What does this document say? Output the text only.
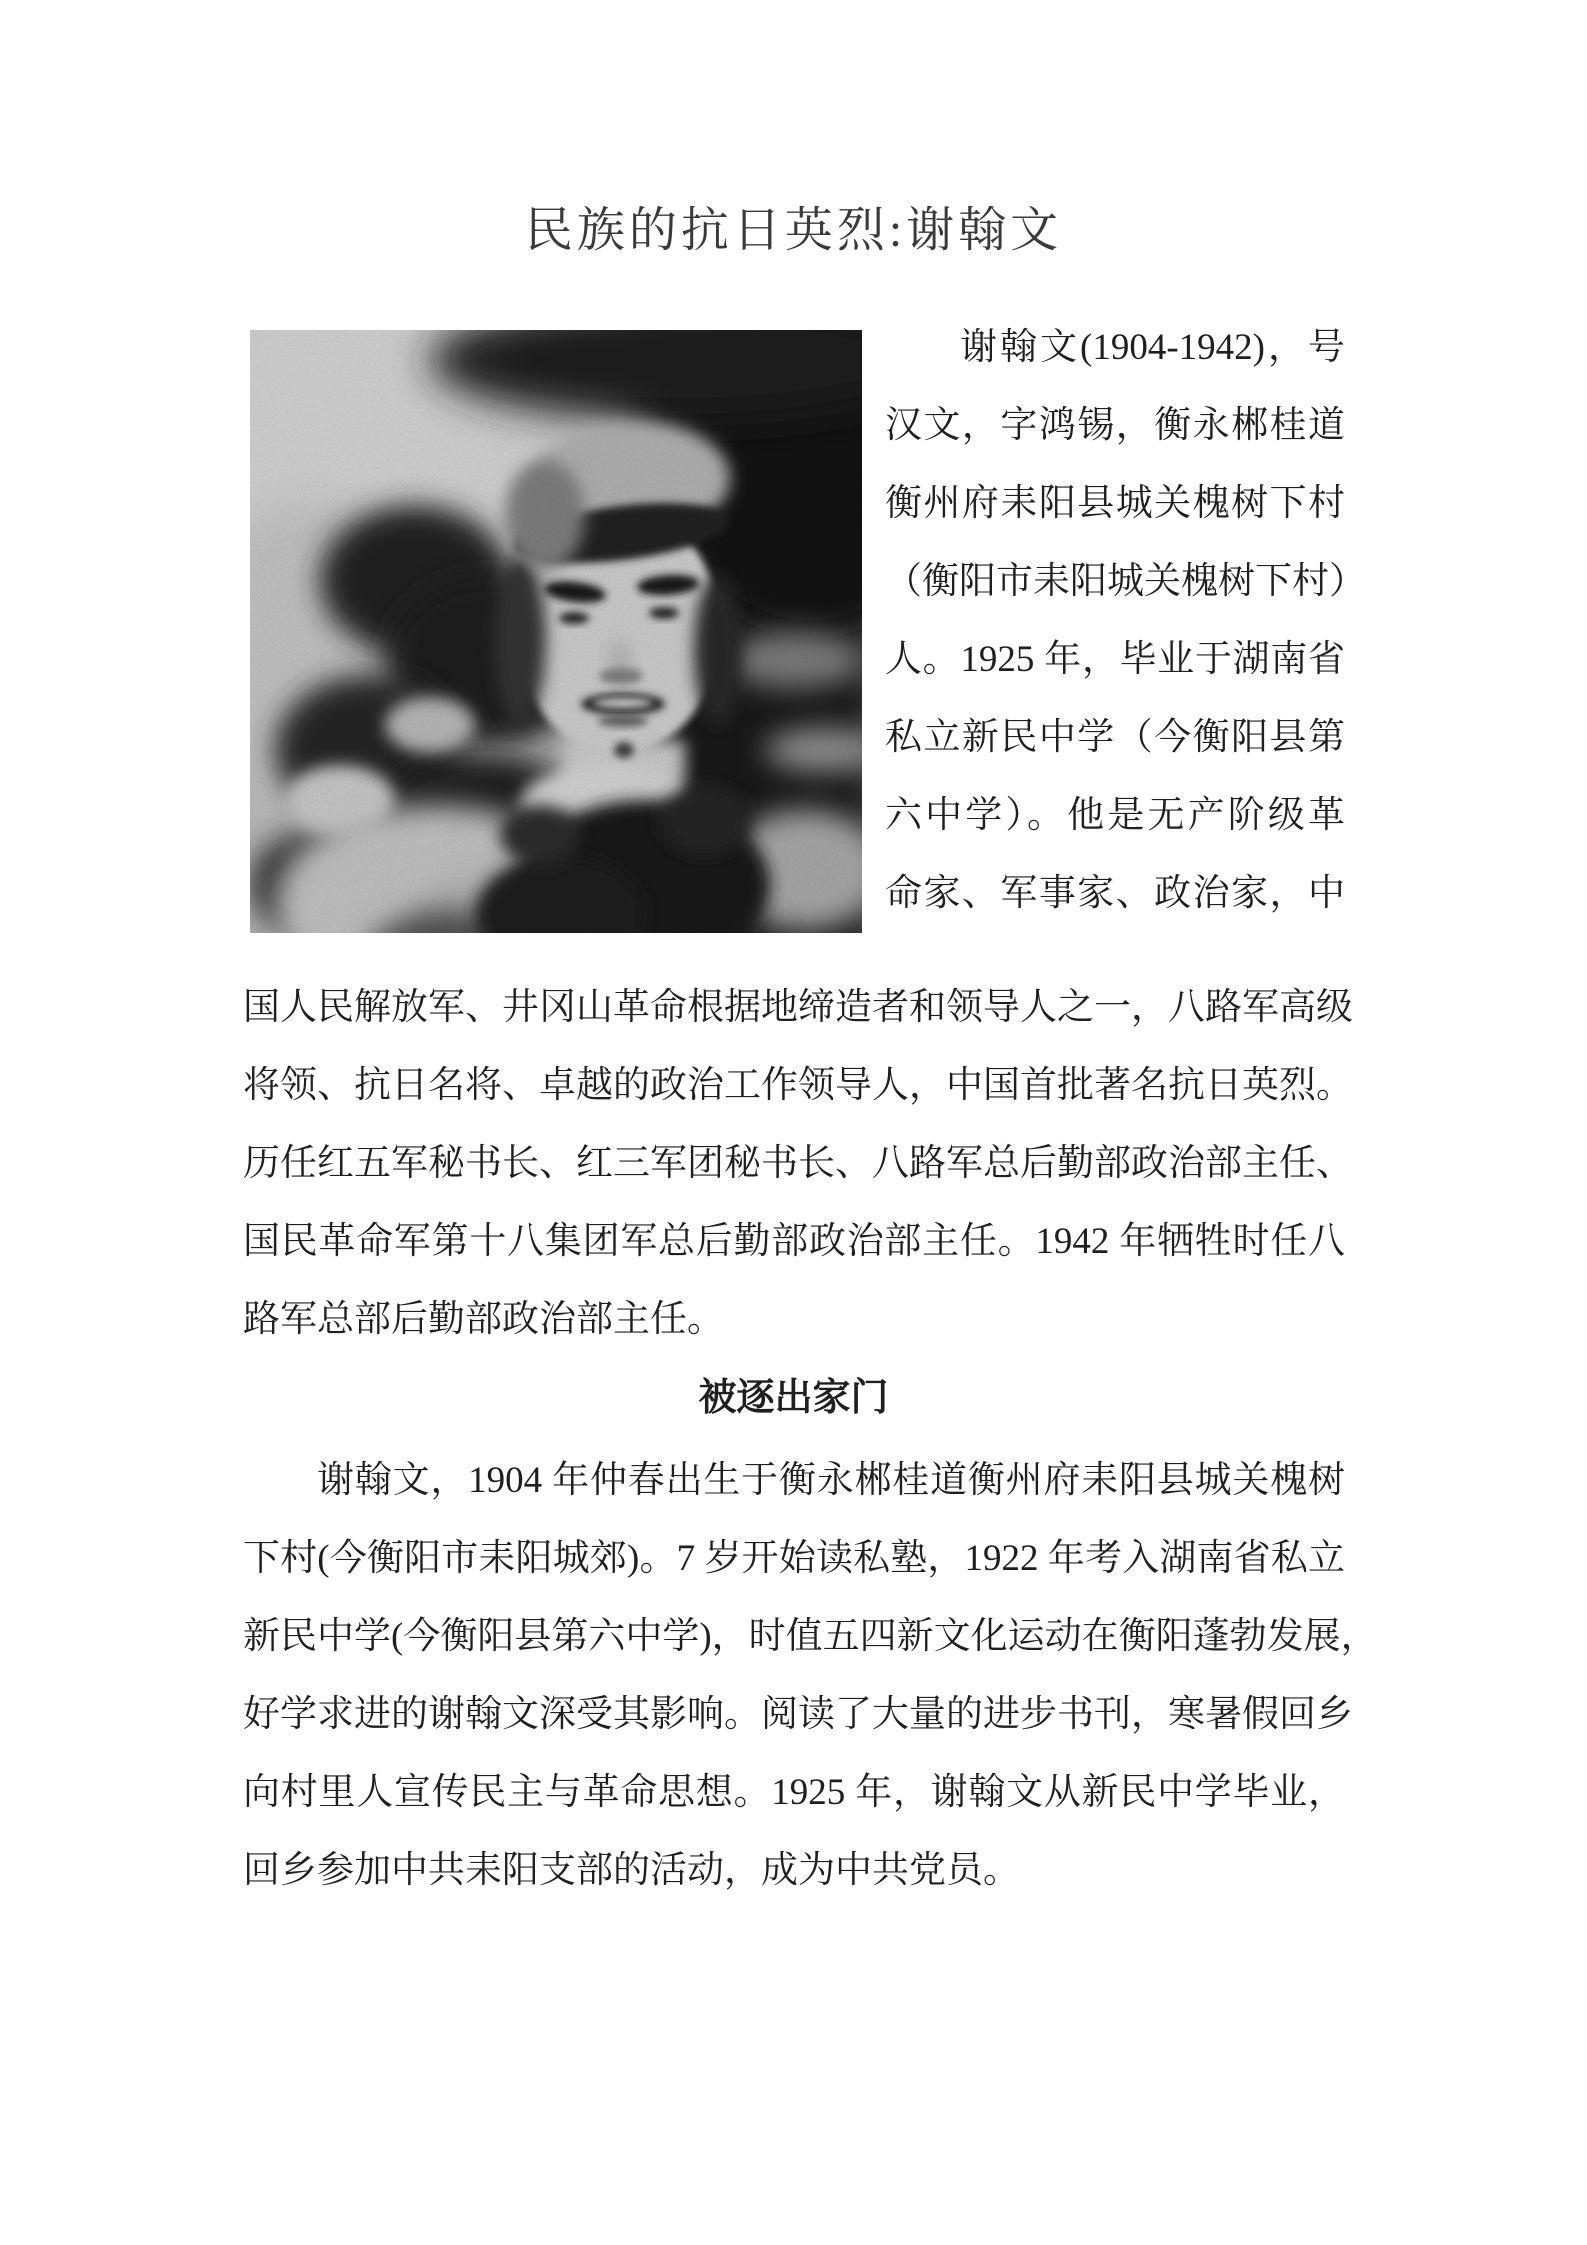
民族的抗日英烈:谢翰文
谢翰文(1904-1942)，号
汉文，字鸿锡，衡永郴桂道
衡州府耒阳县城关槐树下村
（衡阳市耒阳城关槐树下村）
人。1925 年，毕业于湖南省
私立新民中学（今衡阳县第
六中学）。他是无产阶级革
命家、军事家、政治家，中
国人民解放军、井冈山革命根据地缔造者和领导人之一，八路军高级
将领、抗日名将、卓越的政治工作领导人，中国首批著名抗日英烈。
历任红五军秘书长、红三军团秘书长、八路军总后勤部政治部主任、
国民革命军第十八集团军总后勤部政治部主任。1942 年牺牲时任八
路军总部后勤部政治部主任。
被逐出家门
谢翰文，1904 年仲春出生于衡永郴桂道衡州府耒阳县城关槐树
下村(今衡阳市耒阳城郊)。7 岁开始读私塾，1922 年考入湖南省私立
新民中学(今衡阳县第六中学)，时值五四新文化运动在衡阳蓬勃发展，
好学求进的谢翰文深受其影响。阅读了大量的进步书刊，寒暑假回乡
向村里人宣传民主与革命思想。1925 年，谢翰文从新民中学毕业，
回乡参加中共耒阳支部的活动，成为中共党员。
